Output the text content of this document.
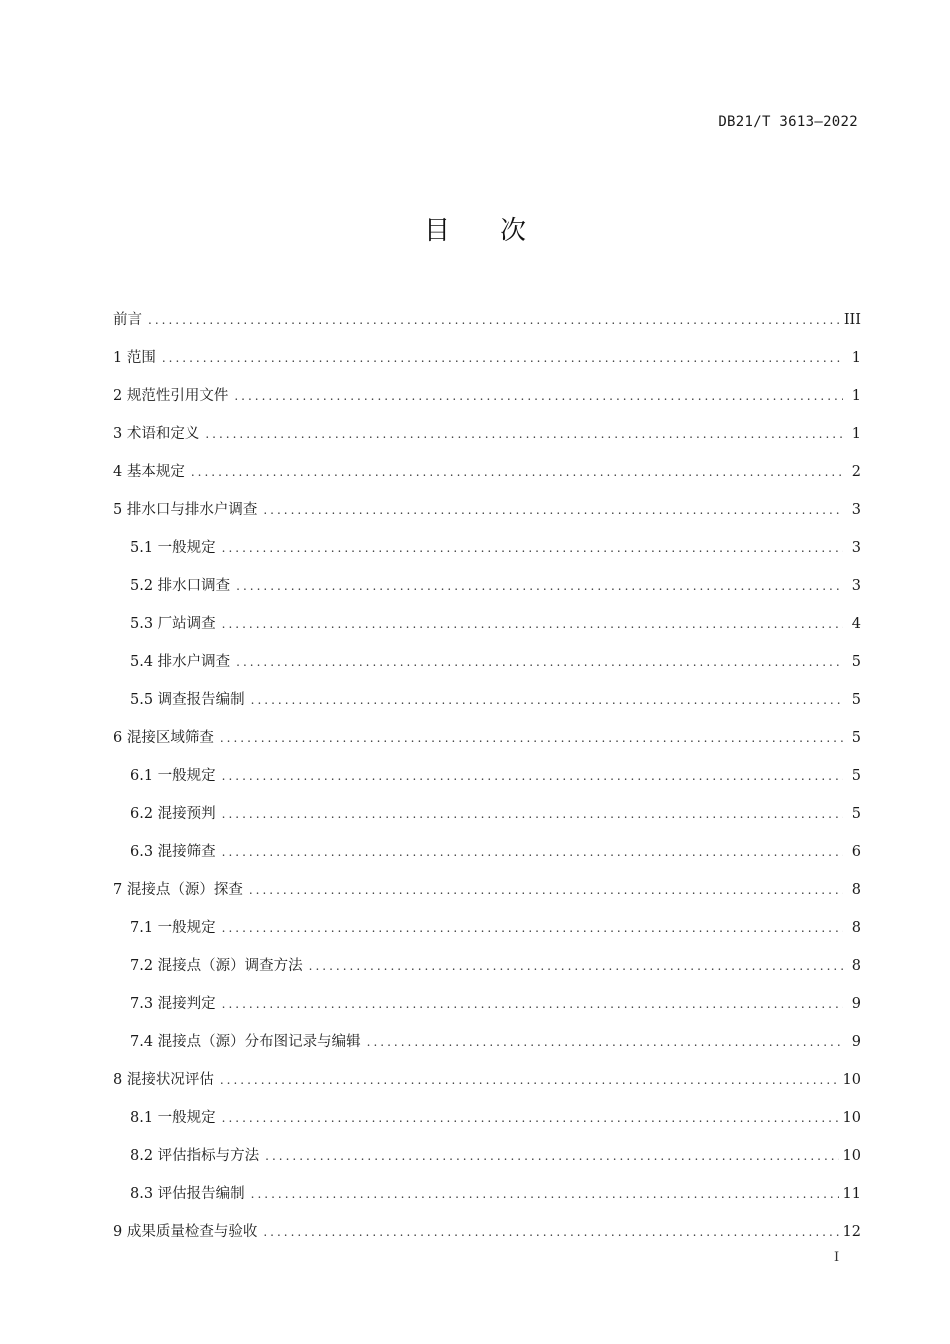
DB21/T 3613—2022
目次
前言 .....	III
1 范围 .....	1
2 规范性引用文件 .....	1
3 术语和定义 .....	1
4 基本规定 .....	2
5 排水口与排水户调查 .....	3
5.1 一般规定 .....	3
5.2 排水口调查 .....	3
5.3 厂站调查 .....	4
5.4 排水户调查 .....	5
5.5 调查报告编制 .....	5
6 混接区域筛查 .....	5
6.1 一般规定 .....	5
6.2 混接预判 .....	5
6.3 混接筛查 .....	6
7 混接点（源）探查 .....	8
7.1 一般规定 .....	8
7.2 混接点（源）调查方法 .....	8
7.3 混接判定 .....	9
7.4 混接点（源）分布图记录与编辑 .....	9
8 混接状况评估 .....	10
8.1 一般规定 .....	10
8.2 评估指标与方法 .....	10
8.3 评估报告编制 .....	11
9 成果质量检查与验收 .....	12
I
